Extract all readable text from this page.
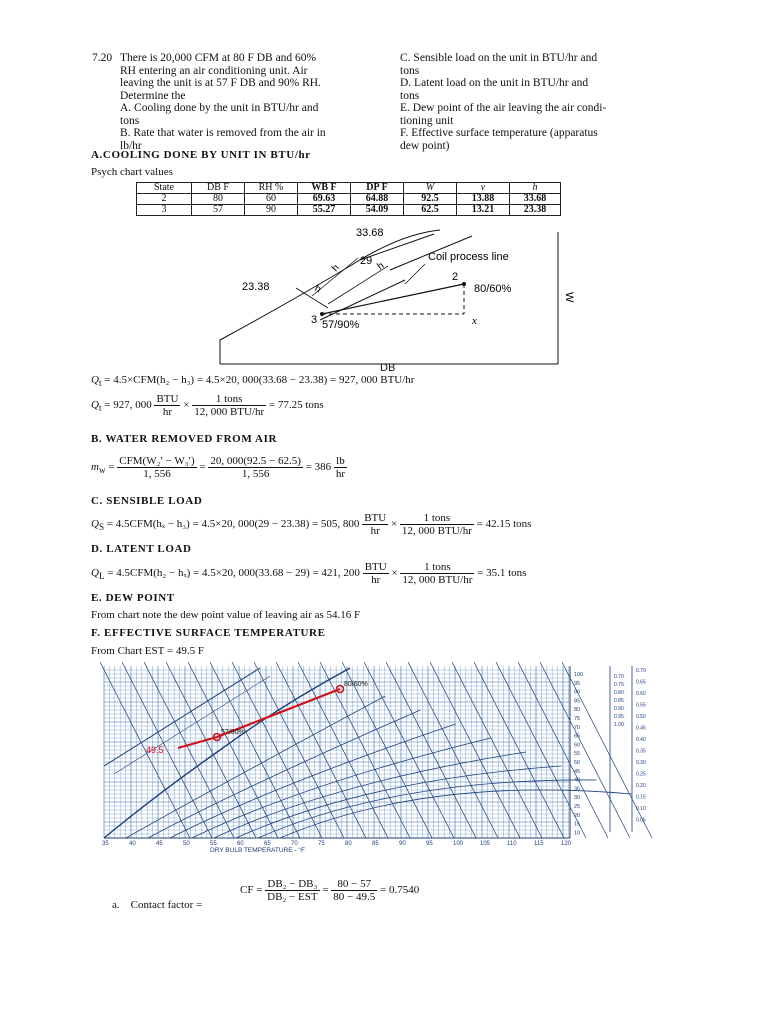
7.20 There is 20,000 CFM at 80 F DB and 60%
RH entering an air conditioning unit. Air
leaving the unit is at 57 F DB and 90% RH.
Determine the
A. Cooling done by the unit in BTU/hr and
tons
B. Rate that water is removed from the air in
lb/hr
C. Sensible load on the unit in BTU/hr and
tons
D. Latent load on the unit in BTU/hr and
tons
E. Dew point of the air leaving the air condi-
tioning unit
F. Effective surface temperature (apparatus
dew point)
A.COOLING DONE BY UNIT IN BTU/hr
Psych chart values
State	DB F	RH %	WB F	DP F	W	v	h
2	80	60	69.63	64.88	92.5	13.88	33.68
3	57	90	55.27	54.09	62.5	13.21	23.38
33.68
29
23.38
h	h
h
Coil process line
2
80/60%
3 57/90%	x
W
DB
$Q_t = 4.5\times CFM(h_2 - h_3) = 4.5\times 20$, 000(33.68 − 23.38) = 927, 000 BTU/hr
$Q_t = 927$, $000 \frac{\text{BTU}}{hr} \times \frac{\text{1 tons}}{\text{12, 000 BTU/hr}} = 77.25$ tons
B. WATER REMOVED FROM AIR
$m_w = \frac{\text{CFM(W₂′ − W₃′)}}{1, 556} = \frac{20, 000(92.5 - 62.5)}{1, 556} = 386 \frac{lb}{hr}$
C. SENSIBLE LOAD
$Q_S = 4.5CFM(h_x - h_3) = 4.5\times 20$, 000(29 − 23.38) = 505, $800 \frac{\text{BTU}}{hr} \times \frac{\text{1 tons}}{\text{12, 000 BTU/hr}} = 42.15$ tons
D. LATENT LOAD
$Q_L = 4.5CFM(h_2 - h_x) = 4.5\times 20$, 000(33.68 − 29) = 421, $200 \frac{\text{BTU}}{hr} \times \frac{\text{1 tons}}{\text{12, 000 BTU/hr}} = 35.1$ tons
E. DEW POINT
From chart note the dew point value of leaving air as 54.16 F
F. EFFECTIVE SURFACE TEMPERATURE
From Chart EST = 49.5 F
35	40	45	50	55	60	65	70	75	80	85	90	95	100	105	110	115	120
100
95
90
85
80
75
70
65
60
55
50
45
40
35
30
25
20
15
10
0.70
0.75
0.80
0.85
0.90
0.95
1.00
0.70
0.65
0.60
0.55
0.50
0.45
0.40
0.35
0.30
0.25
0.20
0.15
0.10
0.05
80/60%
57/90%
49.5
DRY BULB TEMPERATURE - °F
CF = $\frac{\text{DB₂ − DB₃}}{\text{DB₂ − EST}} = \frac{80 - 57}{80 - 49.5} = 0.7540$
a. Contact factor =
